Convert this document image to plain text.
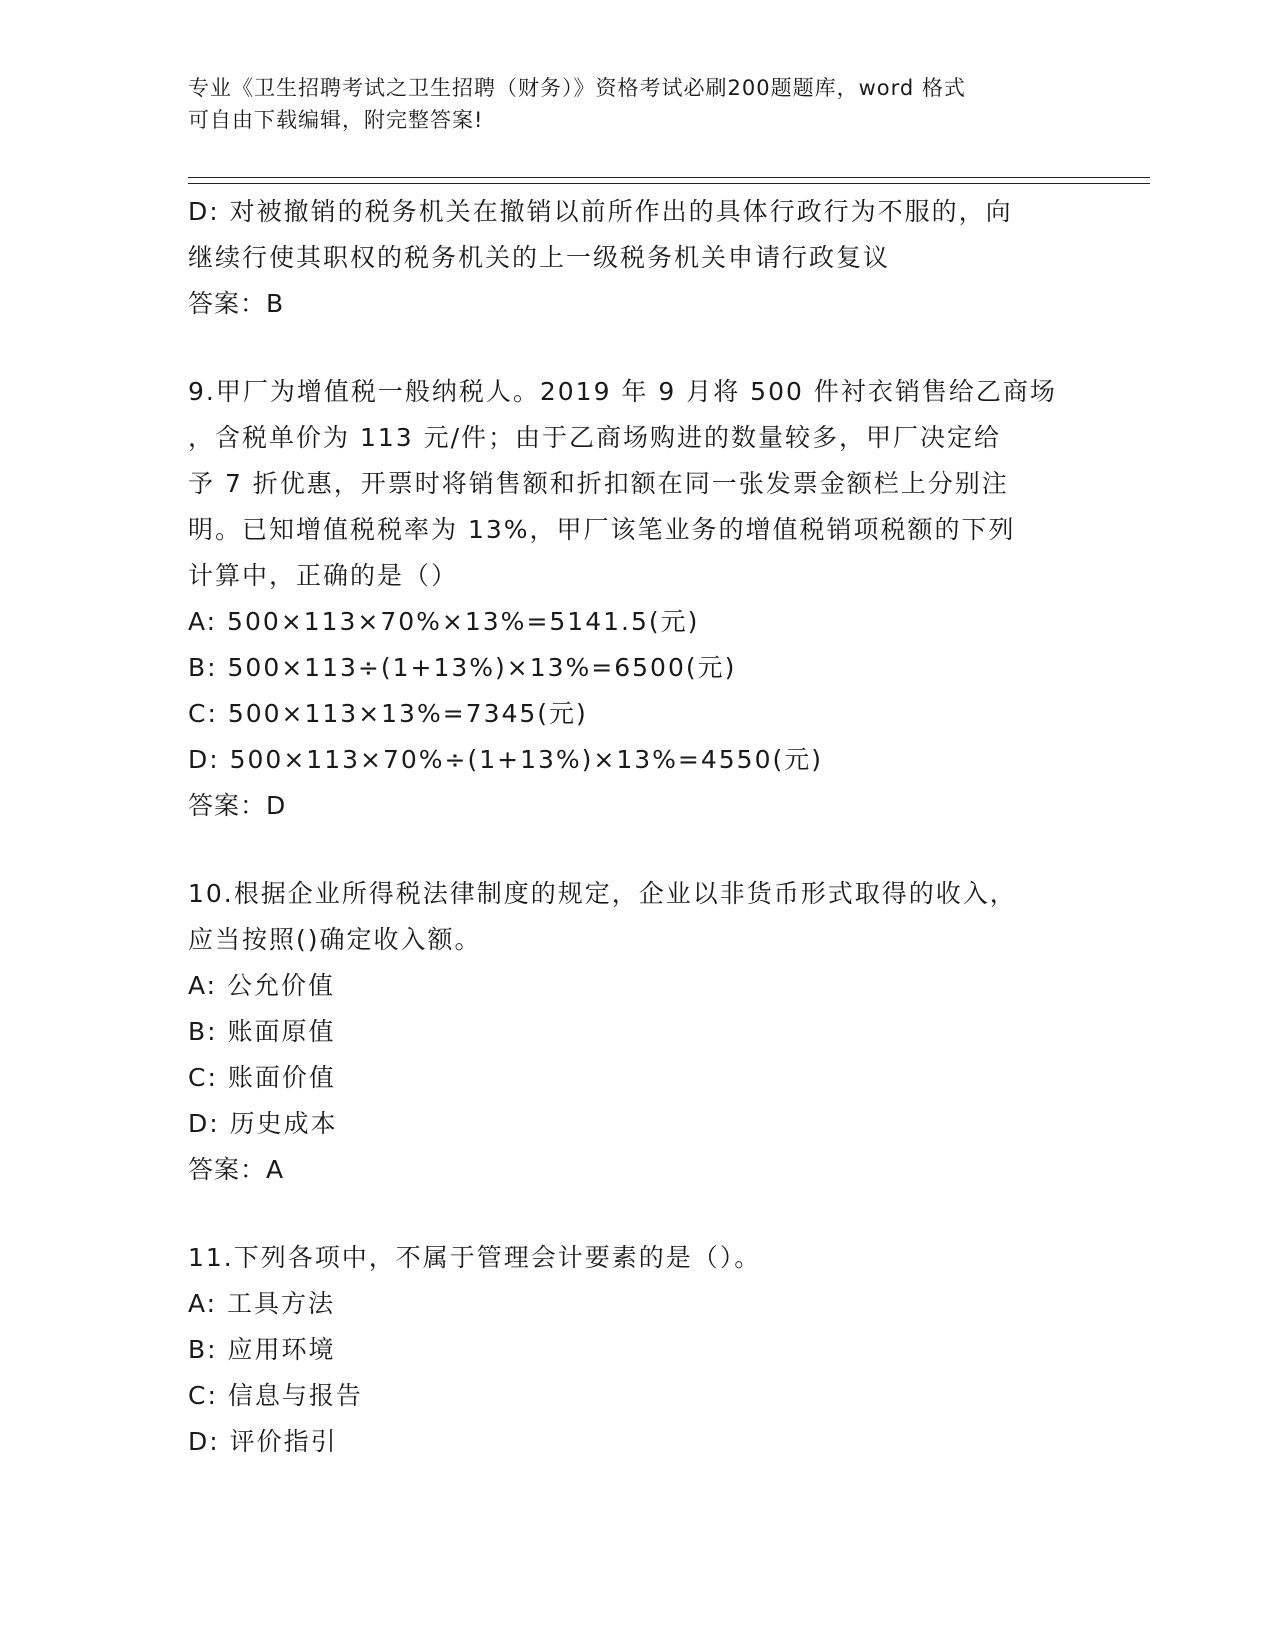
专业《卫生招聘考试之卫生招聘（财务）》资格考试必刷200题题库，word 格式
可自由下载编辑，附完整答案!
D: 对被撤销的税务机关在撤销以前所作出的具体行政行为不服的，向
继续行使其职权的税务机关的上一级税务机关申请行政复议
答案：B
9.甲厂为增值税一般纳税人。2019 年 9 月将 500 件衬衣销售给乙商场
，含税单价为 113 元/件；由于乙商场购进的数量较多，甲厂决定给
予 7 折优惠，开票时将销售额和折扣额在同一张发票金额栏上分别注
明。已知增值税税率为 13%，甲厂该笔业务的增值税销项税额的下列
计算中，正确的是（）
A: 500×113×70%×13%=5141.5(元)
B: 500×113÷(1+13%)×13%=6500(元)
C: 500×113×13%=7345(元)
D: 500×113×70%÷(1+13%)×13%=4550(元)
答案：D
10.根据企业所得税法律制度的规定，企业以非货币形式取得的收入，
应当按照()确定收入额。
A: 公允价值
B: 账面原值
C: 账面价值
D: 历史成本
答案：A
11.下列各项中，不属于管理会计要素的是（）。
A: 工具方法
B: 应用环境
C: 信息与报告
D: 评价指引
